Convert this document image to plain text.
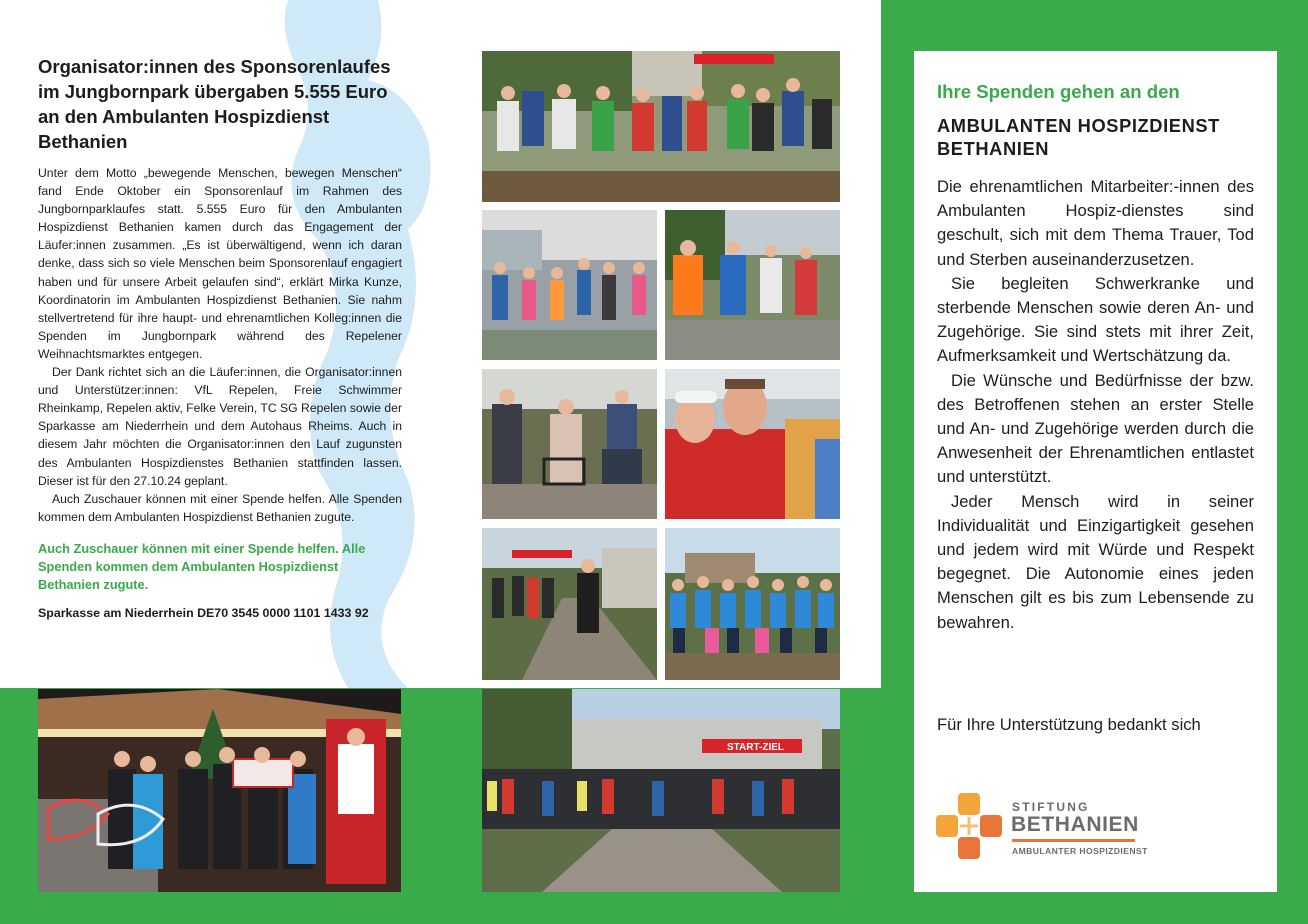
Organisator:innen des Sponsorenlaufes im Jungbornpark übergaben 5.555 Euro an den Ambulanten Hospizdienst Bethanien

Unter dem Motto „bewegende Menschen, bewegen Menschen“ fand Ende Oktober ein Sponsorenlauf im Rahmen des Jungbornparklaufes statt. 5.555 Euro für den Ambulanten Hospizdienst Bethanien kamen durch das Engagement der Läufer:innen zusammen. „Es ist überwältigend, wenn ich daran denke, dass sich so viele Menschen beim Sponsorenlauf engagiert haben und für unsere Arbeit gelaufen sind“, erklärt Mirka Kunze, Koordinatorin im Ambulanten Hospizdienst Bethanien. Sie nahm stellvertretend für ihre haupt- und ehrenamtlichen Kolleg:innen die Spenden im Jungbornpark während des Repelener Weihnachtsmarktes entgegen.

Der Dank richtet sich an die Läufer:innen, die Organisator:innen und Unterstützer:innen: VfL Repelen, Freie Schwimmer Rheinkamp, Repelen aktiv, Felke Verein, TC SG Repelen sowie der Sparkasse am Niederrhein und dem Autohaus Rheims. Auch in diesem Jahr möchten die Organisator:innen den Lauf zugunsten des Ambulanten Hospizdienstes Bethanien stattfinden lassen. Dieser ist für den 27.10.24 geplant.

Auch Zuschauer können mit einer Spende helfen. Alle Spenden kommen dem Ambulanten Hospizdienst Bethanien zugute.

Auch Zuschauer können mit einer Spende helfen. Alle Spenden kommen dem Ambulanten Hospizdienst Bethanien zugute.
Sparkasse am Niederrhein DE70 3545 0000 1101 1433 92
START-ZIEL
Ihre Spenden gehen an den
AMBULANTEN HOSPIZDIENST BETHANIEN

Die ehrenamtlichen Mitarbeiter:-innen des Ambulanten Hospiz-dienstes sind geschult, sich mit dem Thema Trauer, Tod und Sterben auseinanderzusetzen.

Sie begleiten Schwerkranke und sterbende Menschen sowie deren An- und Zugehörige. Sie sind stets mit ihrer Zeit, Aufmerksamkeit und Wertschätzung da.

Die Wünsche und Bedürfnisse der bzw. des Betroffenen stehen an erster Stelle und An- und Zugehörige werden durch die Anwesenheit der Ehrenamtlichen entlastet und unterstützt.

Jeder Mensch wird in seiner Individualität und Einzigartigkeit gesehen und jedem wird mit Würde und Respekt begegnet. Die Autonomie eines jeden Menschen gilt es bis zum Lebensende zu bewahren.

Für Ihre Unterstützung bedankt sich
STIFTUNG
BETHANIEN
AMBULANTER HOSPIZDIENST
